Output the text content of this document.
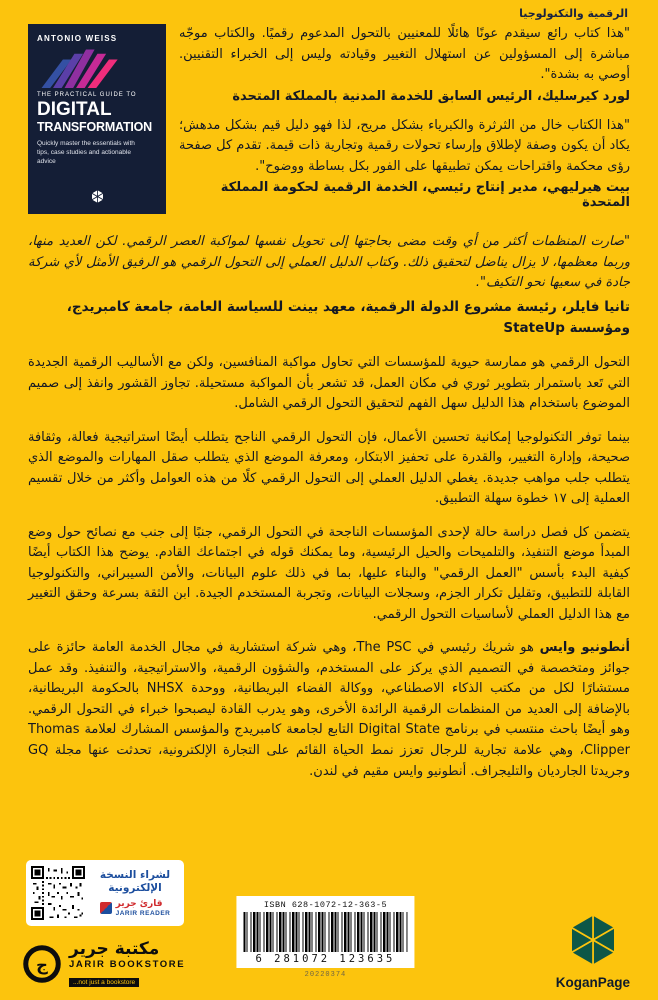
الرقمية والتكنولوجيا
ANTONIO WEISS
THE PRACTICAL GUIDE TO
DIGITAL
TRANSFORMATION
Quickly master the essentials with tips, case studies and actionable advice

"هذا كتاب رائع سيقدم عونًا هائلًا للمعنيين بالتحول المدعوم رقميًا. والكتاب موجّه مباشرة إلى المسؤولين عن استهلال التغيير وقيادته وليس إلى الخبراء التقنيين. أوصي به بشدة".

لورد كيرسليك، الرئيس السابق للخدمة المدنية بالمملكة المتحدة

"هذا الكتاب خال من الثرثرة والكبرياء بشكل مريح، لذا فهو دليل قيم بشكل مدهش؛ يكاد أن يكون وصفة لإطلاق وإرساء تحولات رقمية وتجارية ذات قيمة. تقدم كل صفحة رؤى محكمة واقتراحات يمكن تطبيقها على الفور بكل بساطة ووضوح".

بيت هيرليهي، مدير إنتاج رئيسي، الخدمة الرقمية لحكومة المملكة المتحدة

"صارت المنظمات أكثر من أي وقت مضى بحاجتها إلى تحويل نفسها لمواكبة العصر الرقمي. لكن العديد منها، وربما معظمها، لا يزال يناضل لتحقيق ذلك. وكتاب الدليل العملي إلى التحول الرقمي هو الرفيق الأمثل لأي شركة جادة في سعيها نحو التكيف".

تانيا فايلر، رئيسة مشروع الدولة الرقمية، معهد بينت للسياسة العامة، جامعة كامبريدج، ومؤسسة StateUp

التحول الرقمي هو ممارسة حيوية للمؤسسات التي تحاول مواكبة المنافسين، ولكن مع الأساليب الرقمية الجديدة التي تَعد باستمرار بتطوير ثوري في مكان العمل، قد تشعر بأن المواكبة مستحيلة. تجاوز القشور وانفذ إلى صميم الموضوع باستخدام هذا الدليل سهل الفهم لتحقيق التحول الرقمي الشامل.

بينما توفر التكنولوجيا إمكانية تحسين الأعمال، فإن التحول الرقمي الناجح يتطلب أيضًا استراتيجية فعالة، وثقافة صحيحة، وإدارة التغيير، والقدرة على تحفيز الابتكار، ومعرفة الموضع الذي يتطلب صقل المهارات والموضع الذي يتطلب جلب مواهب جديدة. يغطي الدليل العملي إلى التحول الرقمي كلًا من هذه العوامل وأكثر من خلال تقسيم العملية إلى ١٧ خطوة سهلة التطبيق.

يتضمن كل فصل دراسة حالة لإحدى المؤسسات الناجحة في التحول الرقمي، جنبًا إلى جنب مع نصائح حول وضع المبدأ موضع التنفيذ، والتلميحات والحيل الرئيسية، وما يمكنك قوله في اجتماعك القادم. يوضح هذا الكتاب أيضًا كيفية البدء بأسس "العمل الرقمي" والبناء عليها، بما في ذلك علوم البيانات، والأمن السيبراني، والتكنولوجيا القابلة للتطبيق، وتقليل تكرار الجزم، وسجلات البيانات، وتجربة المستخدم الجيدة. ابن الثقة بسرعة وحقق التغيير مع هذا الدليل العملي لأساسيات التحول الرقمي.

أنطونيو وايس هو شريك رئيسي في The PSC، وهي شركة استشارية في مجال الخدمة العامة حائزة على جوائز ومتخصصة في التصميم الذي يركز على المستخدم، والشؤون الرقمية، والاستراتيجية، والتنفيذ. وقد عمل مستشارًا لكل من مكتب الذكاء الاصطناعي، ووكالة الفضاء البريطانية، ووحدة NHSX بالحكومة البريطانية، بالإضافة إلى العديد من المنظمات الرقمية الرائدة الأخرى، وهو يدرب القادة ليصبحوا خبراء في التحول الرقمي. وهو أيضًا باحث منتسب في برنامج Digital State التابع لجامعة كامبريدج والمؤسس المشارك لعلامة Thomas Clipper، وهي علامة تجارية للرجال تعزز نمط الحياة القائم على التجارة الإلكترونية، تحدثت عنها مجلة GQ وجريدتا الجارديان والتليجراف. أنطونيو وايس مقيم في لندن.

لشراء النسخة
الإلكترونية
قارئ جرير
JARIR READER
ج
مكتبة جرير
JARIR BOOKSTORE
...not just a bookstore
ISBN 628-1072-12-363-5
6 281072 123635
20220374	KoganPage
